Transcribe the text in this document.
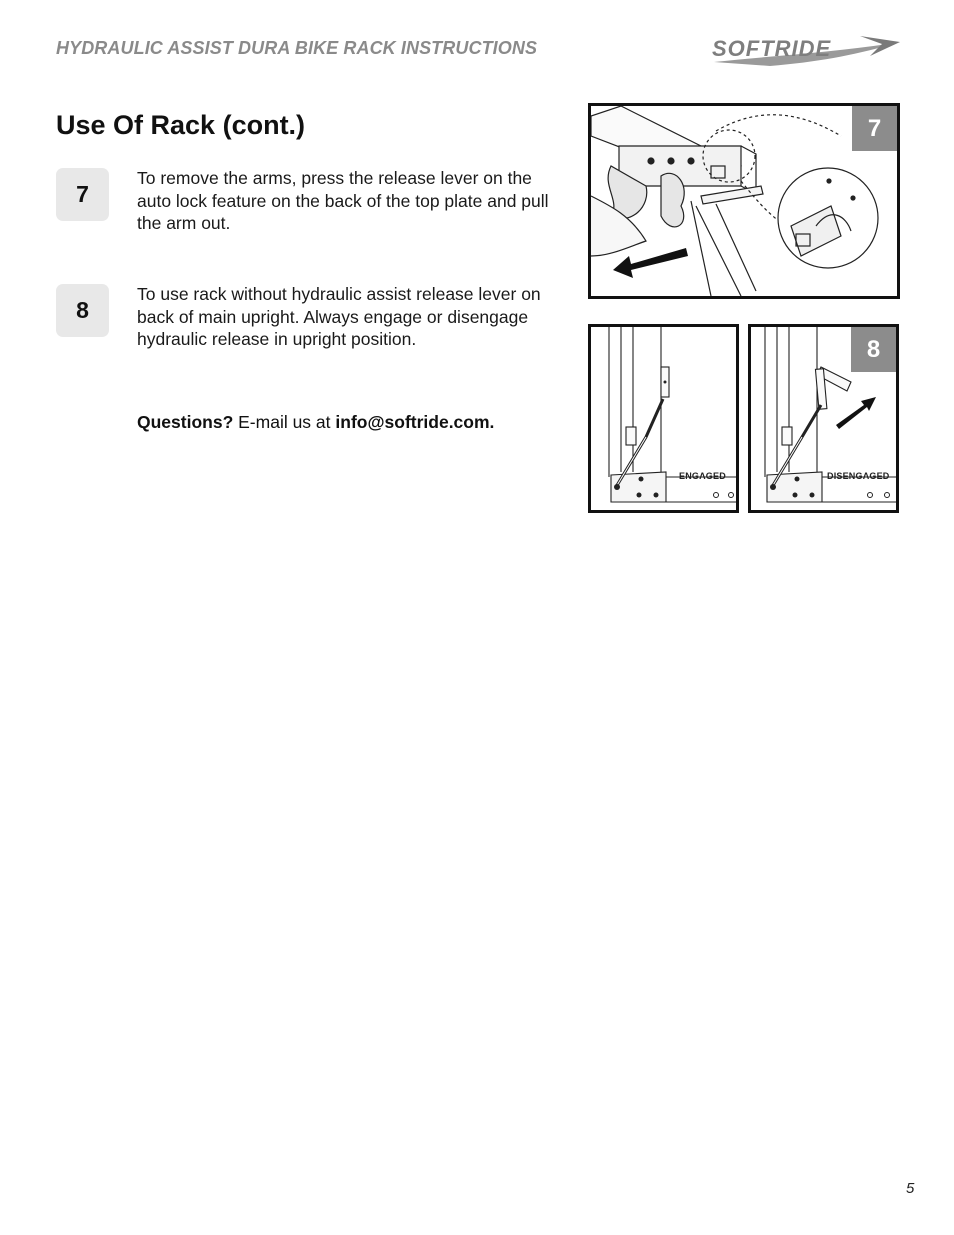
HYDRAULIC ASSIST DURA BIKE RACK INSTRUCTIONS	SOFTRIDE
Use Of Rack (cont.)
7

To remove the arms, press the release lever on the auto lock feature on the back of the top plate and pull the arm out.

8

To use rack without hydraulic assist release lever on back of main upright. Always engage or disengage hydraulic release in upright position.

Questions? E-mail us at info@softride.com.
7
ENGAGED
8
DISENGAGED
5
